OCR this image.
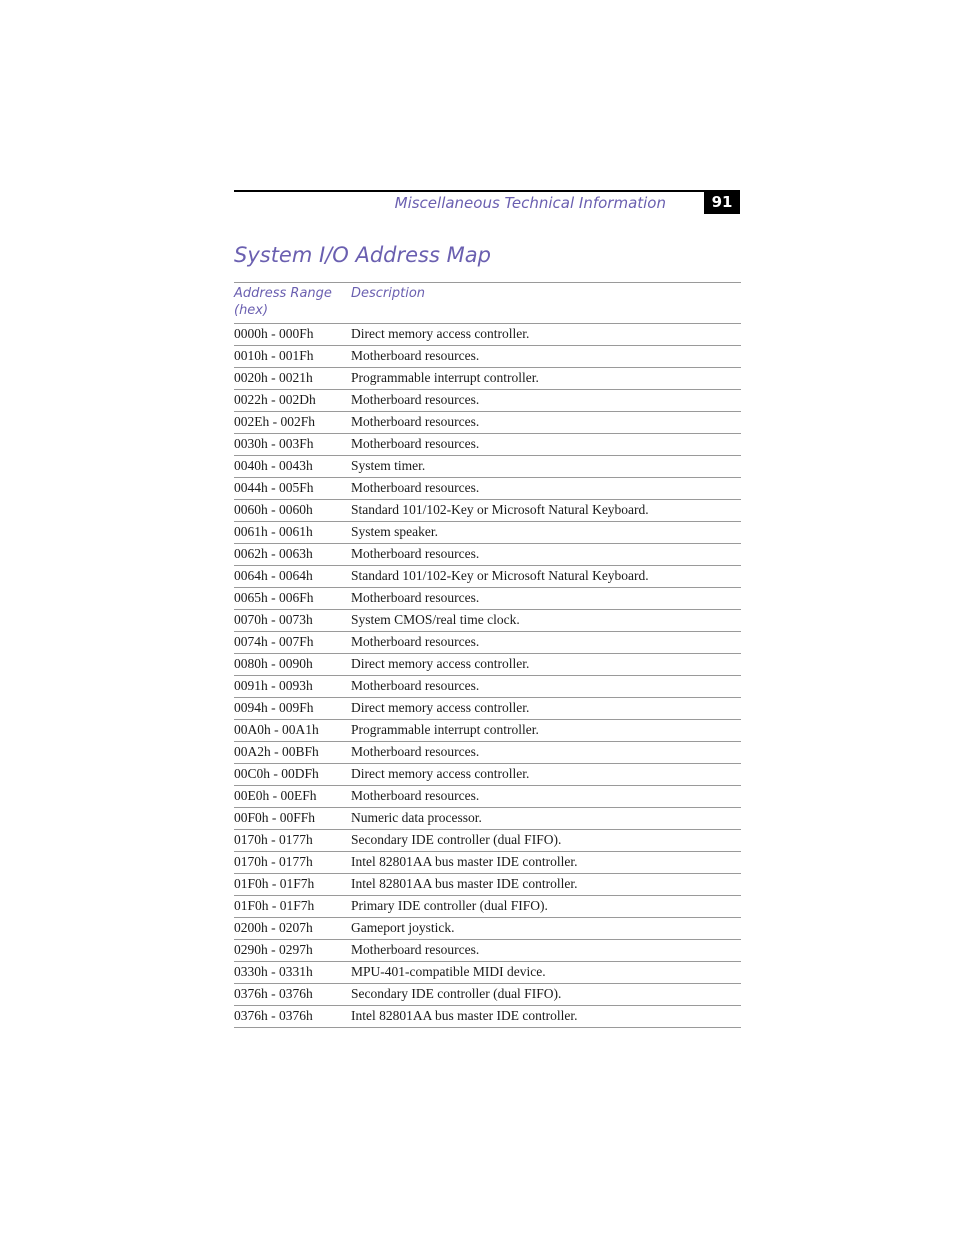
Miscellaneous Technical Information	91
System I/O Address Map
Address Range
(hex)	Description
0000h - 000Fh	Direct memory access controller.
0010h - 001Fh	Motherboard resources.
0020h - 0021h	Programmable interrupt controller.
0022h - 002Dh	Motherboard resources.
002Eh - 002Fh	Motherboard resources.
0030h - 003Fh	Motherboard resources.
0040h - 0043h	System timer.
0044h - 005Fh	Motherboard resources.
0060h - 0060h	Standard 101/102-Key or Microsoft Natural Keyboard.
0061h - 0061h	System speaker.
0062h - 0063h	Motherboard resources.
0064h - 0064h	Standard 101/102-Key or Microsoft Natural Keyboard.
0065h - 006Fh	Motherboard resources.
0070h - 0073h	System CMOS/real time clock.
0074h - 007Fh	Motherboard resources.
0080h - 0090h	Direct memory access controller.
0091h - 0093h	Motherboard resources.
0094h - 009Fh	Direct memory access controller.
00A0h - 00A1h	Programmable interrupt controller.
00A2h - 00BFh	Motherboard resources.
00C0h - 00DFh	Direct memory access controller.
00E0h - 00EFh	Motherboard resources.
00F0h - 00FFh	Numeric data processor.
0170h - 0177h	Secondary IDE controller (dual FIFO).
0170h - 0177h	Intel 82801AA bus master IDE controller.
01F0h - 01F7h	Intel 82801AA bus master IDE controller.
01F0h - 01F7h	Primary IDE controller (dual FIFO).
0200h - 0207h	Gameport joystick.
0290h - 0297h	Motherboard resources.
0330h - 0331h	MPU-401-compatible MIDI device.
0376h - 0376h	Secondary IDE controller (dual FIFO).
0376h - 0376h	Intel 82801AA bus master IDE controller.
